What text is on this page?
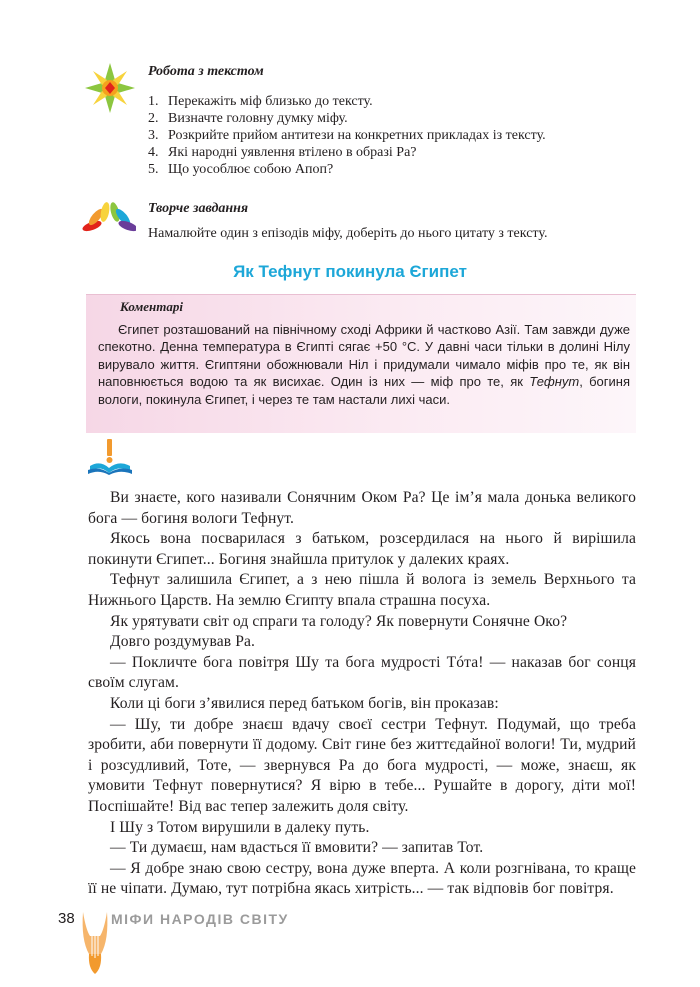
Робота з текстом
1. Перекажіть міф близько до тексту.
2. Визначте головну думку міфу.
3. Розкрийте прийом антитези на конкретних прикладах із тексту.
4. Які народні уявлення втілено в образі Ра?
5. Що уособлює собою Апоп?
Творче завдання
Намалюйте один з епізодів міфу, доберіть до нього цитату з тексту.
Як Тефнут покинула Єгипет
Коментарі
Єгипет розташований на північному сході Африки й частково Азії. Там завжди дуже спекотно. Денна температура в Єгипті сягає +50 °С. У давні часи тільки в долині Нілу вирувало життя. Єгиптяни обожнювали Ніл і придумали чимало міфів про те, як він наповнюється водою та як висихає. Один із них — міф про те, як Тефнут, богиня вологи, покинула Єгипет, і через те там настали лихі часи.

Ви знаєте, кого називали Сонячним Оком Ра? Це ім’я мала донька великого бога — богиня вологи Тефнут.

Якось вона посварилася з батьком, розсердилася на нього й вирішила покинути Єгипет... Богиня знайшла притулок у далеких краях.

Тефнут залишила Єгипет, а з нею пішла й волога із земель Верхнього та Нижнього Царств. На землю Єгипту впала страшна посуха.

Як урятувати світ од спраги та голоду? Як повернути Сонячне Око?

Довго роздумував Ра.

— Покличте бога повітря Шу та бога мудрості Тóта! — наказав бог сонця своїм слугам.

Коли ці боги з’явилися перед батьком богів, він проказав:

— Шу, ти добре знаєш вдачу своєї сестри Тефнут. Подумай, що треба зробити, аби повернути її додому. Світ гине без життєдайної вологи! Ти, мудрий і розсудливий, Тоте, — звернувся Ра до бога мудрості, — може, знаєш, як умовити Тефнут повернутися? Я вірю в тебе... Рушайте в дорогу, діти мої! Поспішайте! Від вас тепер залежить доля світу.

І Шу з Тотом вирушили в далеку путь.

— Ти думаєш, нам вдасться її вмовити? — запитав Тот.

— Я добре знаю свою сестру, вона дуже вперта. А коли розгнівана, то краще її не чіпати. Думаю, тут потрібна якась хитрість... — так відповів бог повітря.

38	МІФИ НАРОДІВ СВІТУ
